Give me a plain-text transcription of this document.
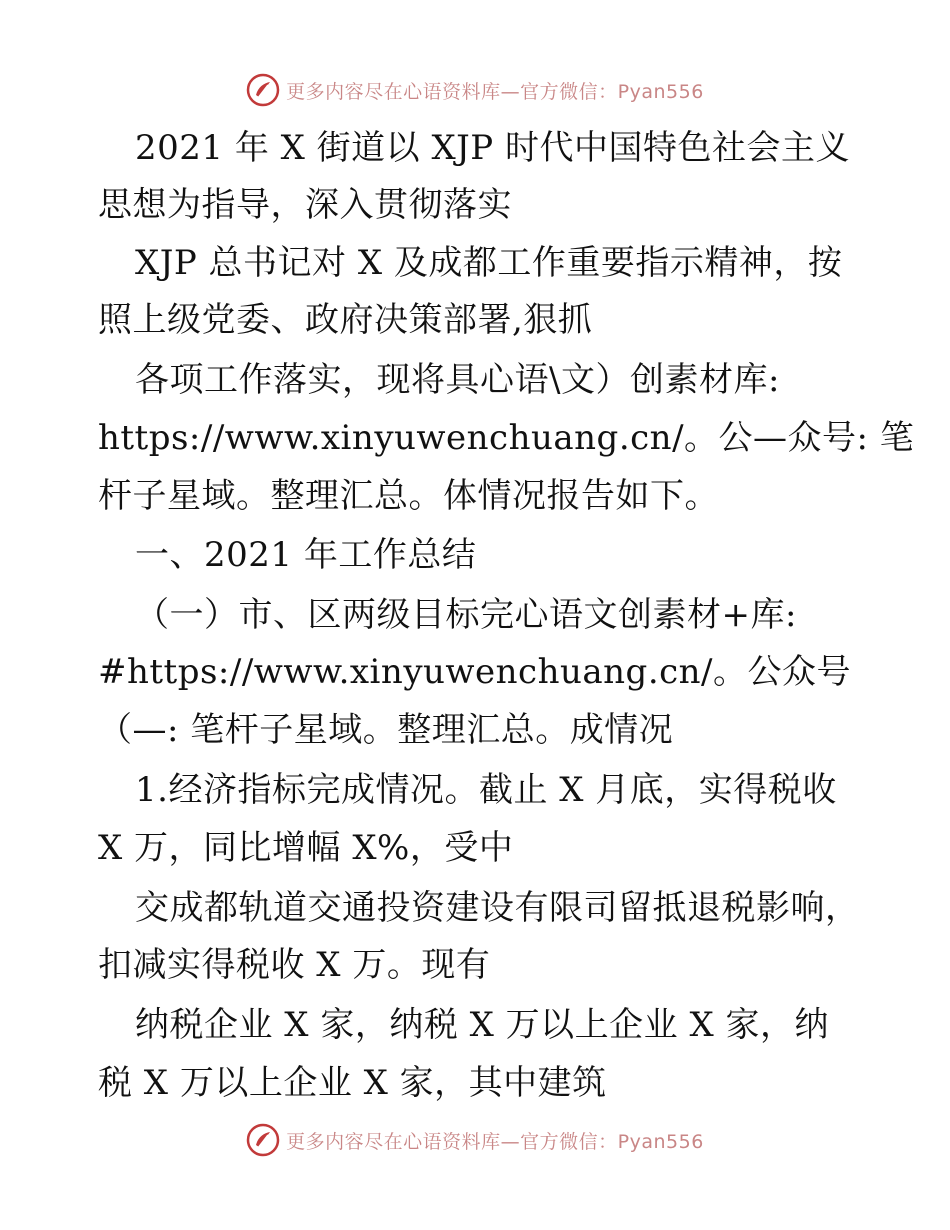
更多内容尽在心语资料库—官方微信：Pyan556
2021 年 X 街道以 XJP 时代中国特色社会主义
思想为指导，深入贯彻落实
XJP 总书记对 X 及成都工作重要指示精神，按
照上级党委、政府决策部署,狠抓
各项工作落实，现将具心语\文）创素材库:
https://www.xinyuwenchuang.cn/。公—众号: 笔
杆子星域。整理汇总。体情况报告如下。
一、2021 年工作总结
（一）市、区两级目标完心语文创素材+库:
#https://www.xinyuwenchuang.cn/。公众号
（—: 笔杆子星域。整理汇总。成情况
1.经济指标完成情况。截止 X 月底，实得税收
X 万，同比增幅 X%，受中
交成都轨道交通投资建设有限司留抵退税影响，
扣减实得税收 X 万。现有
纳税企业 X 家，纳税 X 万以上企业 X 家，纳
税 X 万以上企业 X 家，其中建筑
更多内容尽在心语资料库—官方微信：Pyan556
